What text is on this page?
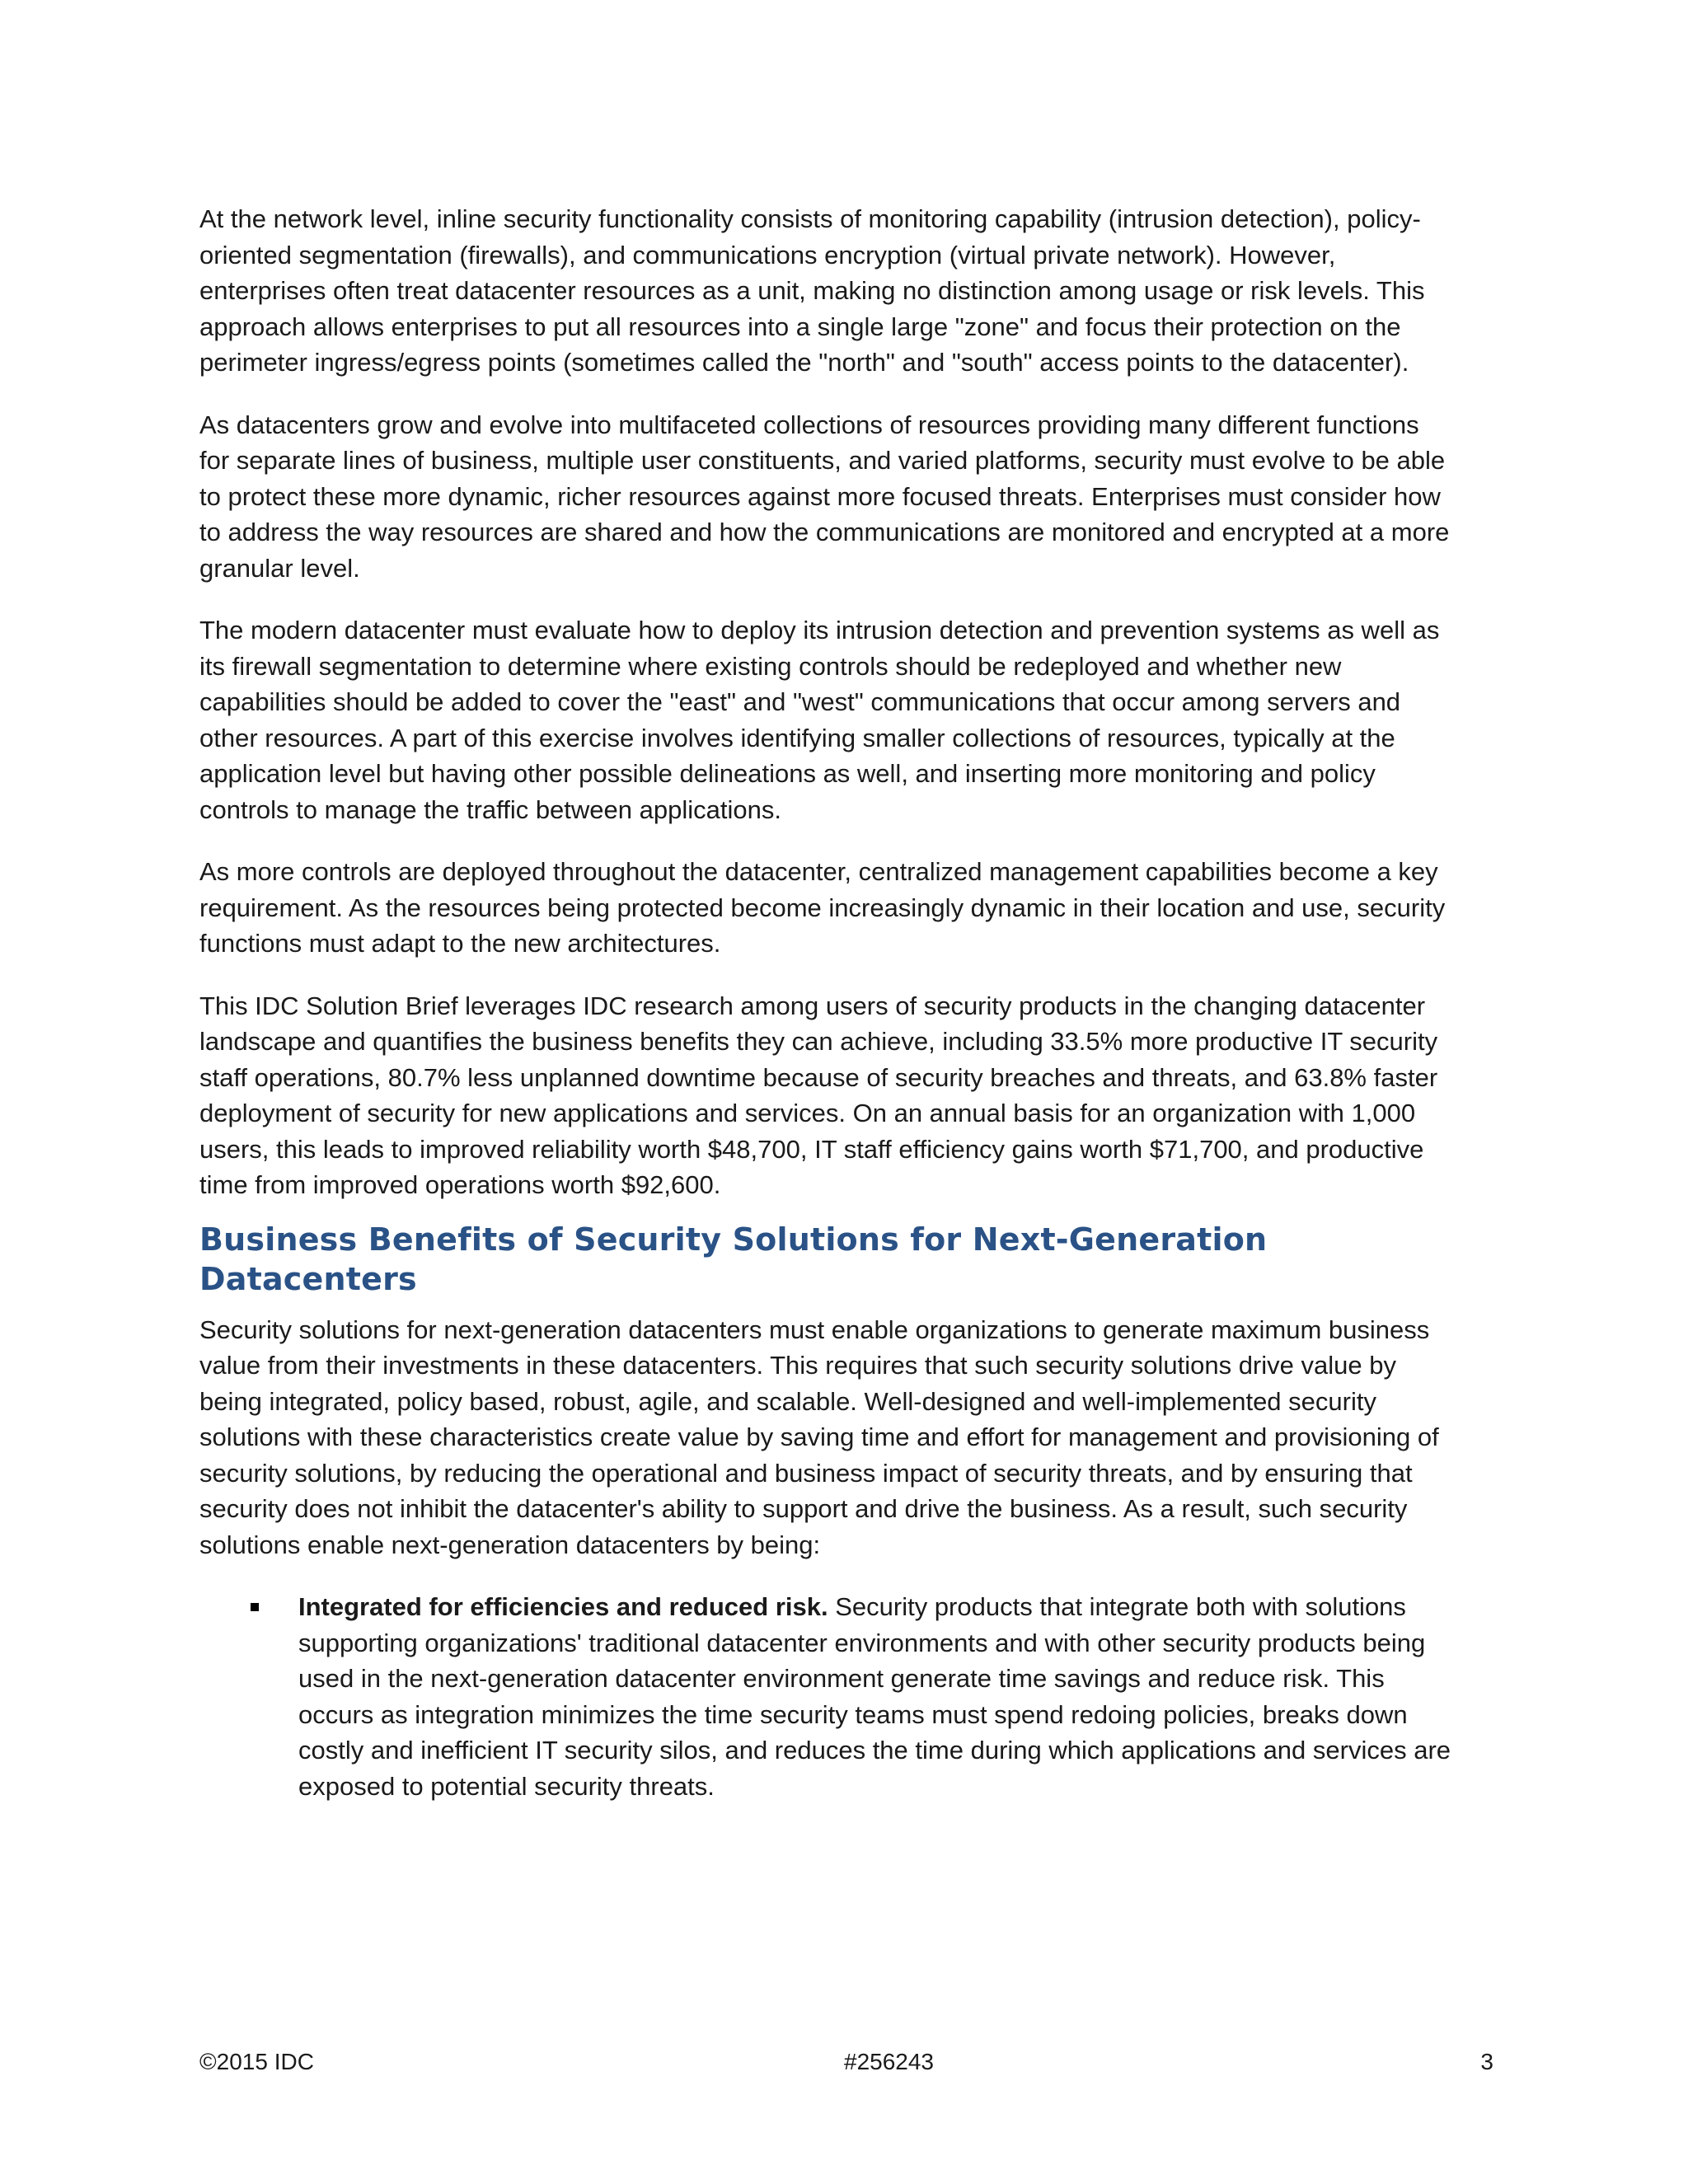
At the network level, inline security functionality consists of monitoring capability (intrusion detection), policy-oriented segmentation (firewalls), and communications encryption (virtual private network). However, enterprises often treat datacenter resources as a unit, making no distinction among usage or risk levels. This approach allows enterprises to put all resources into a single large "zone" and focus their protection on the perimeter ingress/egress points (sometimes called the "north" and "south" access points to the datacenter).

As datacenters grow and evolve into multifaceted collections of resources providing many different functions for separate lines of business, multiple user constituents, and varied platforms, security must evolve to be able to protect these more dynamic, richer resources against more focused threats. Enterprises must consider how to address the way resources are shared and how the communications are monitored and encrypted at a more granular level.

The modern datacenter must evaluate how to deploy its intrusion detection and prevention systems as well as its firewall segmentation to determine where existing controls should be redeployed and whether new capabilities should be added to cover the "east" and "west" communications that occur among servers and other resources. A part of this exercise involves identifying smaller collections of resources, typically at the application level but having other possible delineations as well, and inserting more monitoring and policy controls to manage the traffic between applications.

As more controls are deployed throughout the datacenter, centralized management capabilities become a key requirement. As the resources being protected become increasingly dynamic in their location and use, security functions must adapt to the new architectures.

This IDC Solution Brief leverages IDC research among users of security products in the changing datacenter landscape and quantifies the business benefits they can achieve, including 33.5% more productive IT security staff operations, 80.7% less unplanned downtime because of security breaches and threats, and 63.8% faster deployment of security for new applications and services. On an annual basis for an organization with 1,000 users, this leads to improved reliability worth $48,700, IT staff efficiency gains worth $71,700, and productive time from improved operations worth $92,600.

Business Benefits of Security Solutions for Next-Generation Datacenters

Security solutions for next-generation datacenters must enable organizations to generate maximum business value from their investments in these datacenters. This requires that such security solutions drive value by being integrated, policy based, robust, agile, and scalable. Well-designed and well-implemented security solutions with these characteristics create value by saving time and effort for management and provisioning of security solutions, by reducing the operational and business impact of security threats, and by ensuring that security does not inhibit the datacenter's ability to support and drive the business. As a result, such security solutions enable next-generation datacenters by being:

Integrated for efficiencies and reduced risk. Security products that integrate both with solutions supporting organizations' traditional datacenter environments and with other security products being used in the next-generation datacenter environment generate time savings and reduce risk. This occurs as integration minimizes the time security teams must spend redoing policies, breaks down costly and inefficient IT security silos, and reduces the time during which applications and services are exposed to potential security threats.
©2015 IDC	#256243	3
